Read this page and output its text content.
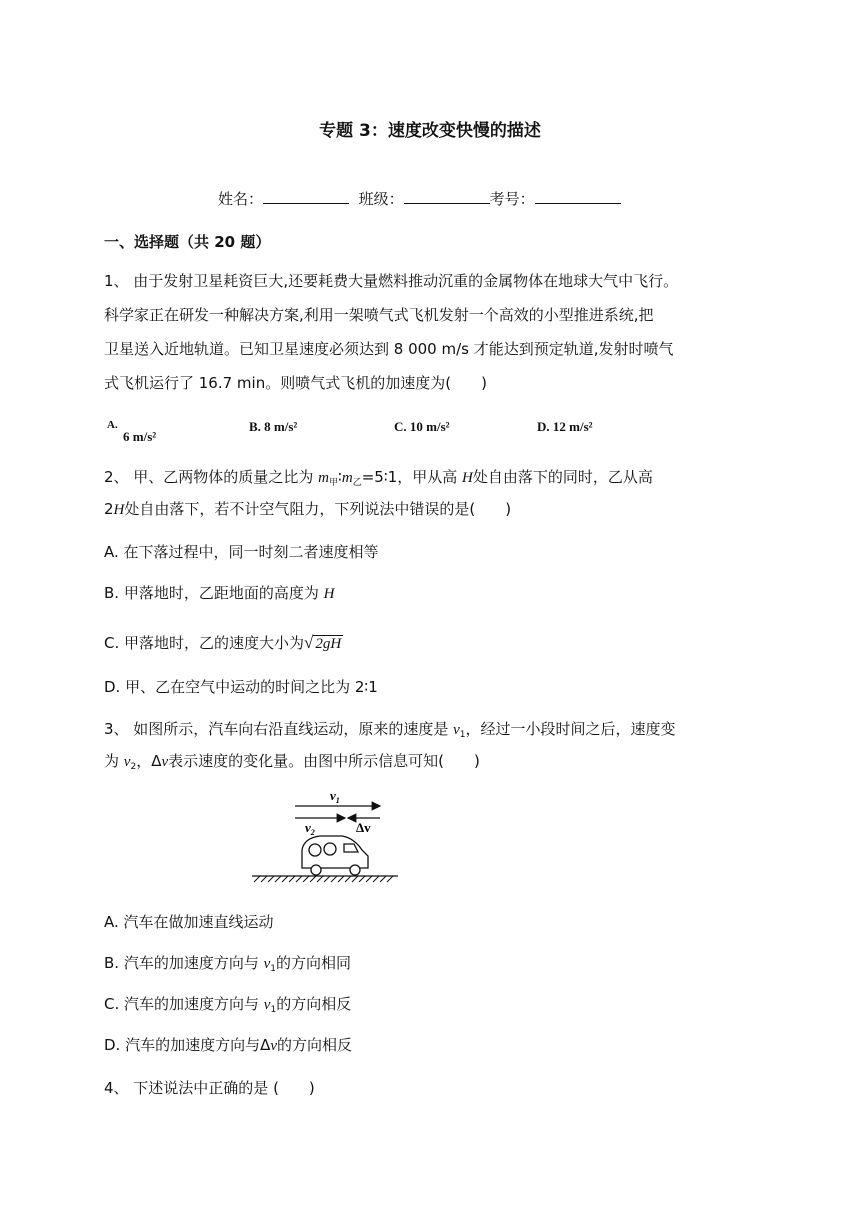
专题 3：速度改变快慢的描述
姓名：	班级：	考号：
一、选择题（共 20 题）
1、 由于发射卫星耗资巨大,还要耗费大量燃料推动沉重的金属物体在地球大气中飞行。
科学家正在研发一种解决方案,利用一架喷气式飞机发射一个高效的小型推进系统,把
卫星送入近地轨道。已知卫星速度必须达到 8 000 m/s 才能达到预定轨道,发射时喷气
式飞机运行了 16.7 min。则喷气式飞机的加速度为(　　)
A.
6 m/s²
B. 8 m/s²	C. 10 m/s²	D. 12 m/s²
2、 甲、乙两物体的质量之比为 $m_甲∶m_乙=5∶1$，甲从高 H处自由落下的同时，乙从高
2H处自由落下，若不计空气阻力，下列说法中错误的是(　　)
A. 在下落过程中，同一时刻二者速度相等
B. 甲落地时，乙距地面的高度为 H
C. 甲落地时，乙的速度大小为√ 2gH
D. 甲、乙在空气中运动的时间之比为 2∶1
3、 如图所示，汽车向右沿直线运动，原来的速度是 $v_1$，经过一小段时间之后，速度变
为 $v_2$，Δv表示速度的变化量。由图中所示信息可知(　　)
$v_1$
$v_2$	Δv
A. 汽车在做加速直线运动
B. 汽车的加速度方向与 $v_1$的方向相同
C. 汽车的加速度方向与 $v_1$的方向相反
D. 汽车的加速度方向与Δv的方向相反
4、 下述说法中正确的是 (　　)
